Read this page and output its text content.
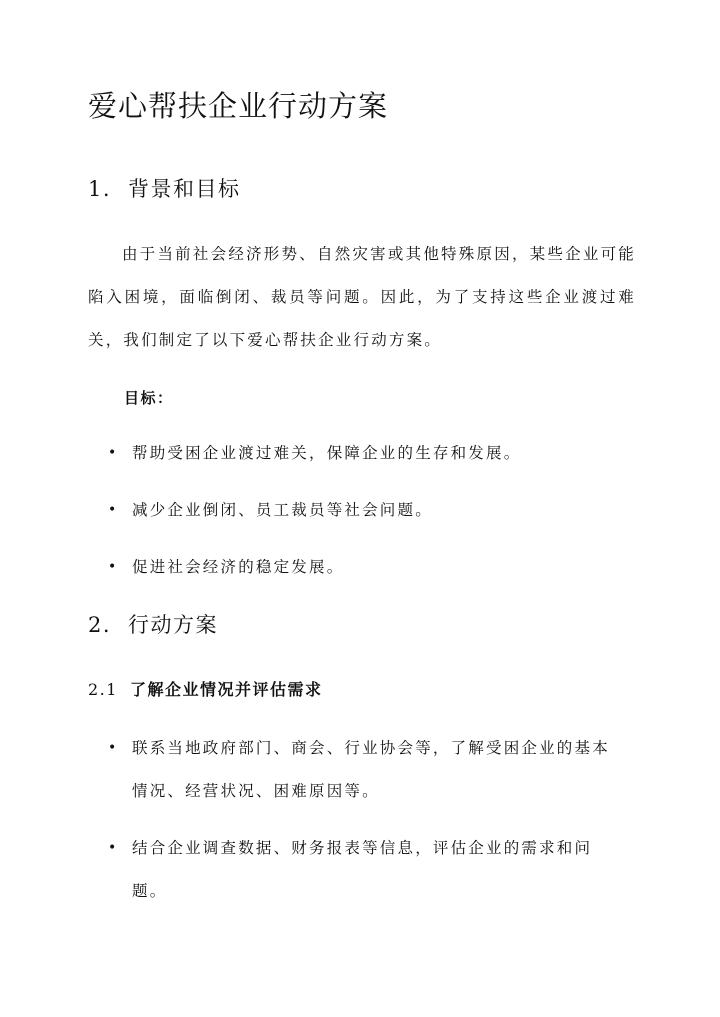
爱心帮扶企业行动方案
1. 背景和目标

由于当前社会经济形势、自然灾害或其他特殊原因，某些企业可能陷入困境，面临倒闭、裁员等问题。因此，为了支持这些企业渡过难关，我们制定了以下爱心帮扶企业行动方案。

目标：

• 帮助受困企业渡过难关，保障企业的生存和发展。
• 减少企业倒闭、员工裁员等社会问题。
• 促进社会经济的稳定发展。
2. 行动方案
2.1 了解企业情况并评估需求
• 联系当地政府部门、商会、行业协会等，了解受困企业的基本情况、经营状况、困难原因等。
• 结合企业调查数据、财务报表等信息，评估企业的需求和问题。
